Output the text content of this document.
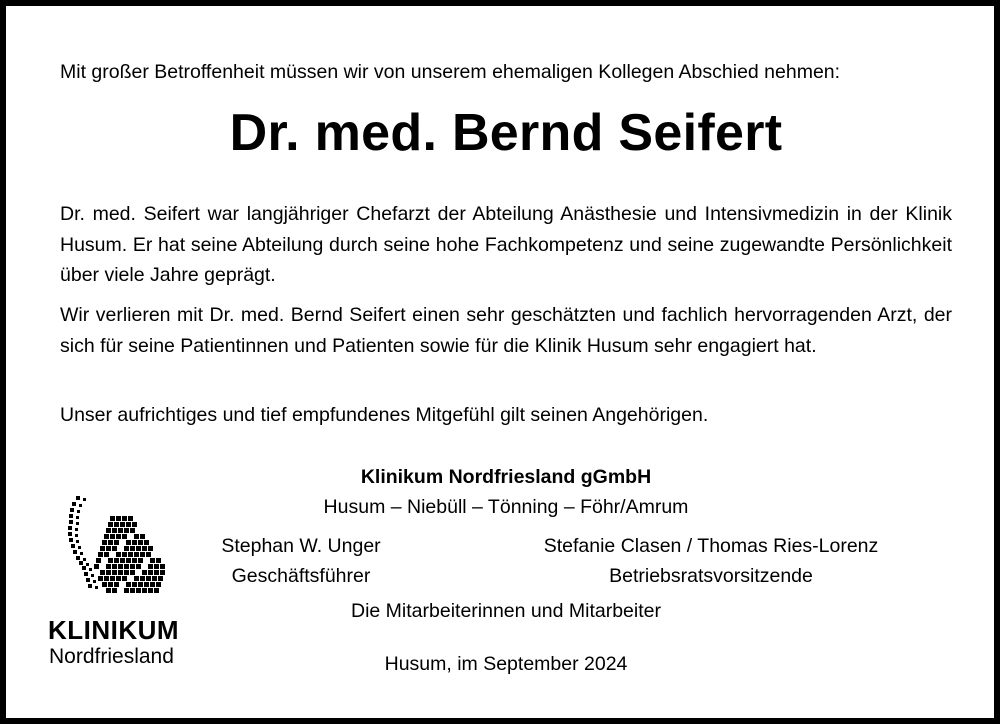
Mit großer Betroffenheit müssen wir von unserem ehemaligen Kollegen Abschied nehmen:
Dr. med. Bernd Seifert
Dr. med. Seifert war langjähriger Chefarzt der Abteilung Anästhesie und Intensivmedizin in der Klinik Husum. Er hat seine Abteilung durch seine hohe Fachkompetenz und seine zugewandte Persönlichkeit über viele Jahre geprägt.
Wir verlieren mit Dr. med. Bernd Seifert einen sehr geschätzten und fachlich hervorragenden Arzt, der sich für seine Patientinnen und Patienten sowie für die Klinik Husum sehr engagiert hat.
Unser aufrichtiges und tief empfundenes Mitgefühl gilt seinen Angehörigen.
KLINIKUM
Nordfriesland
Klinikum Nordfriesland gGmbH
Husum – Niebüll – Tönning – Föhr/Amrum
Stephan W. Unger
Geschäftsführer
Stefanie Clasen / Thomas Ries-Lorenz
Betriebsratsvorsitzende
Die Mitarbeiterinnen und Mitarbeiter
Husum, im September 2024
